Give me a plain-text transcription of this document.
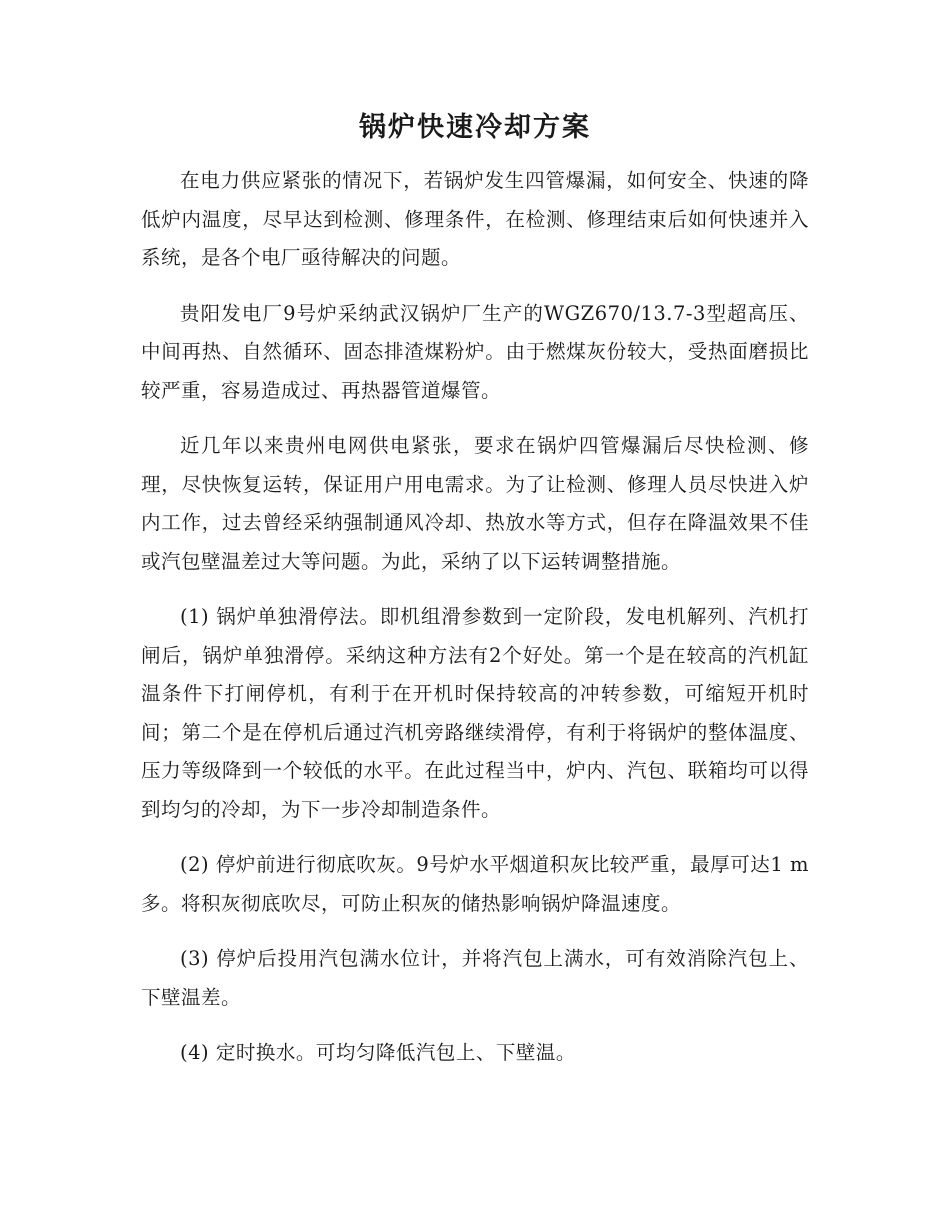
锅炉快速冷却方案

在电力供应紧张的情况下，若锅炉发生四管爆漏，如何安全、快速的降低炉内温度，尽早达到检测、修理条件，在检测、修理结束后如何快速并入系统，是各个电厂亟待解决的问题。

贵阳发电厂9号炉采纳武汉锅炉厂生产的WGZ670/13.7-3型超高压、中间再热、自然循环、固态排渣煤粉炉。由于燃煤灰份较大，受热面磨损比较严重，容易造成过、再热器管道爆管。

近几年以来贵州电网供电紧张，要求在锅炉四管爆漏后尽快检测、修理，尽快恢复运转，保证用户用电需求。为了让检测、修理人员尽快进入炉内工作，过去曾经采纳强制通风冷却、热放水等方式，但存在降温效果不佳或汽包壁温差过大等问题。为此，采纳了以下运转调整措施。

(1) 锅炉单独滑停法。即机组滑参数到一定阶段，发电机解列、汽机打闸后，锅炉单独滑停。采纳这种方法有2个好处。第一个是在较高的汽机缸温条件下打闸停机，有利于在开机时保持较高的冲转参数，可缩短开机时间；第二个是在停机后通过汽机旁路继续滑停，有利于将锅炉的整体温度、压力等级降到一个较低的水平。在此过程当中，炉内、汽包、联箱均可以得到均匀的冷却，为下一步冷却制造条件。

(2) 停炉前进行彻底吹灰。9号炉水平烟道积灰比较严重，最厚可达1 m多。将积灰彻底吹尽，可防止积灰的储热影响锅炉降温速度。

(3) 停炉后投用汽包满水位计，并将汽包上满水，可有效消除汽包上、下壁温差。

(4) 定时换水。可均匀降低汽包上、下壁温。
